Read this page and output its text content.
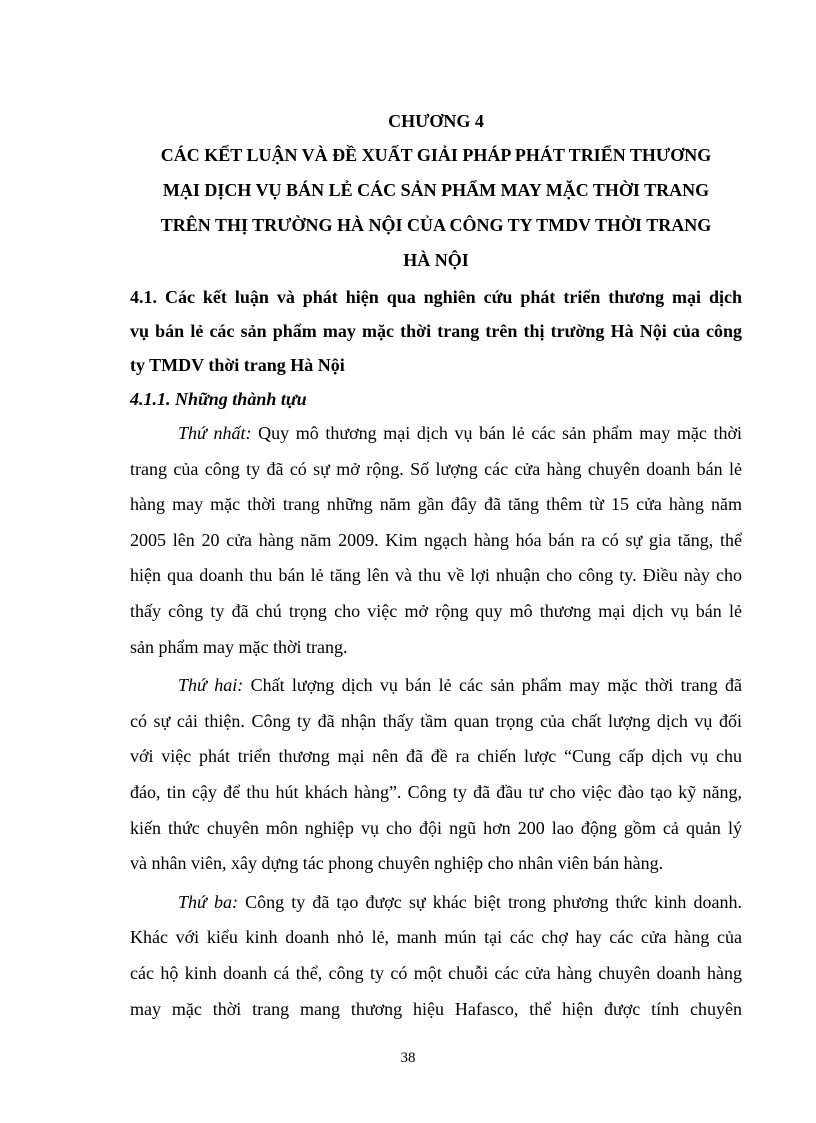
CHƯƠNG 4

CÁC KẾT LUẬN VÀ ĐỀ XUẤT GIẢI PHÁP PHÁT TRIỂN THƯƠNG
MẠI DỊCH VỤ BÁN LẺ CÁC SẢN PHẨM MAY MẶC THỜI TRANG
TRÊN THỊ TRƯỜNG HÀ NỘI CỦA CÔNG TY TMDV THỜI TRANG
HÀ NỘI

4.1. Các kết luận và phát hiện qua nghiên cứu phát triển thương mại dịch
vụ bán lẻ các sản phẩm may mặc thời trang trên thị trường Hà Nội của công
ty TMDV thời trang Hà Nội

4.1.1. Những thành tựu

Thứ nhất: Quy mô thương mại dịch vụ bán lẻ các sản phẩm may mặc thời
trang của công ty đã có sự mở rộng. Số lượng các cửa hàng chuyên doanh bán lẻ
hàng may mặc thời trang những năm gần đây đã tăng thêm từ 15 cửa hàng năm
2005 lên 20 cửa hàng năm 2009. Kim ngạch hàng hóa bán ra có sự gia tăng, thể
hiện qua doanh thu bán lẻ tăng lên và thu về lợi nhuận cho công ty. Điều này cho
thấy công ty đã chú trọng cho việc mở rộng quy mô thương mại dịch vụ bán lẻ
sản phẩm may mặc thời trang.

Thứ hai: Chất lượng dịch vụ bán lẻ các sản phẩm may mặc thời trang đã
có sự cải thiện. Công ty đã nhận thấy tầm quan trọng của chất lượng dịch vụ đối
với việc phát triển thương mại nên đã đề ra chiến lược “Cung cấp dịch vụ chu
đáo, tin cậy để thu hút khách hàng”. Công ty đã đầu tư cho việc đào tạo kỹ năng,
kiến thức chuyên môn nghiệp vụ cho đội ngũ hơn 200 lao động gồm cả quản lý
và nhân viên, xây dựng tác phong chuyên nghiệp cho nhân viên bán hàng.

Thứ ba: Công ty đã tạo được sự khác biệt trong phương thức kinh doanh.
Khác với kiểu kinh doanh nhỏ lẻ, manh mún tại các chợ hay các cửa hàng của
các hộ kinh doanh cá thể, công ty có một chuỗi các cửa hàng chuyên doanh hàng
may mặc thời trang mang thương hiệu Hafasco, thể hiện được tính chuyên

38
